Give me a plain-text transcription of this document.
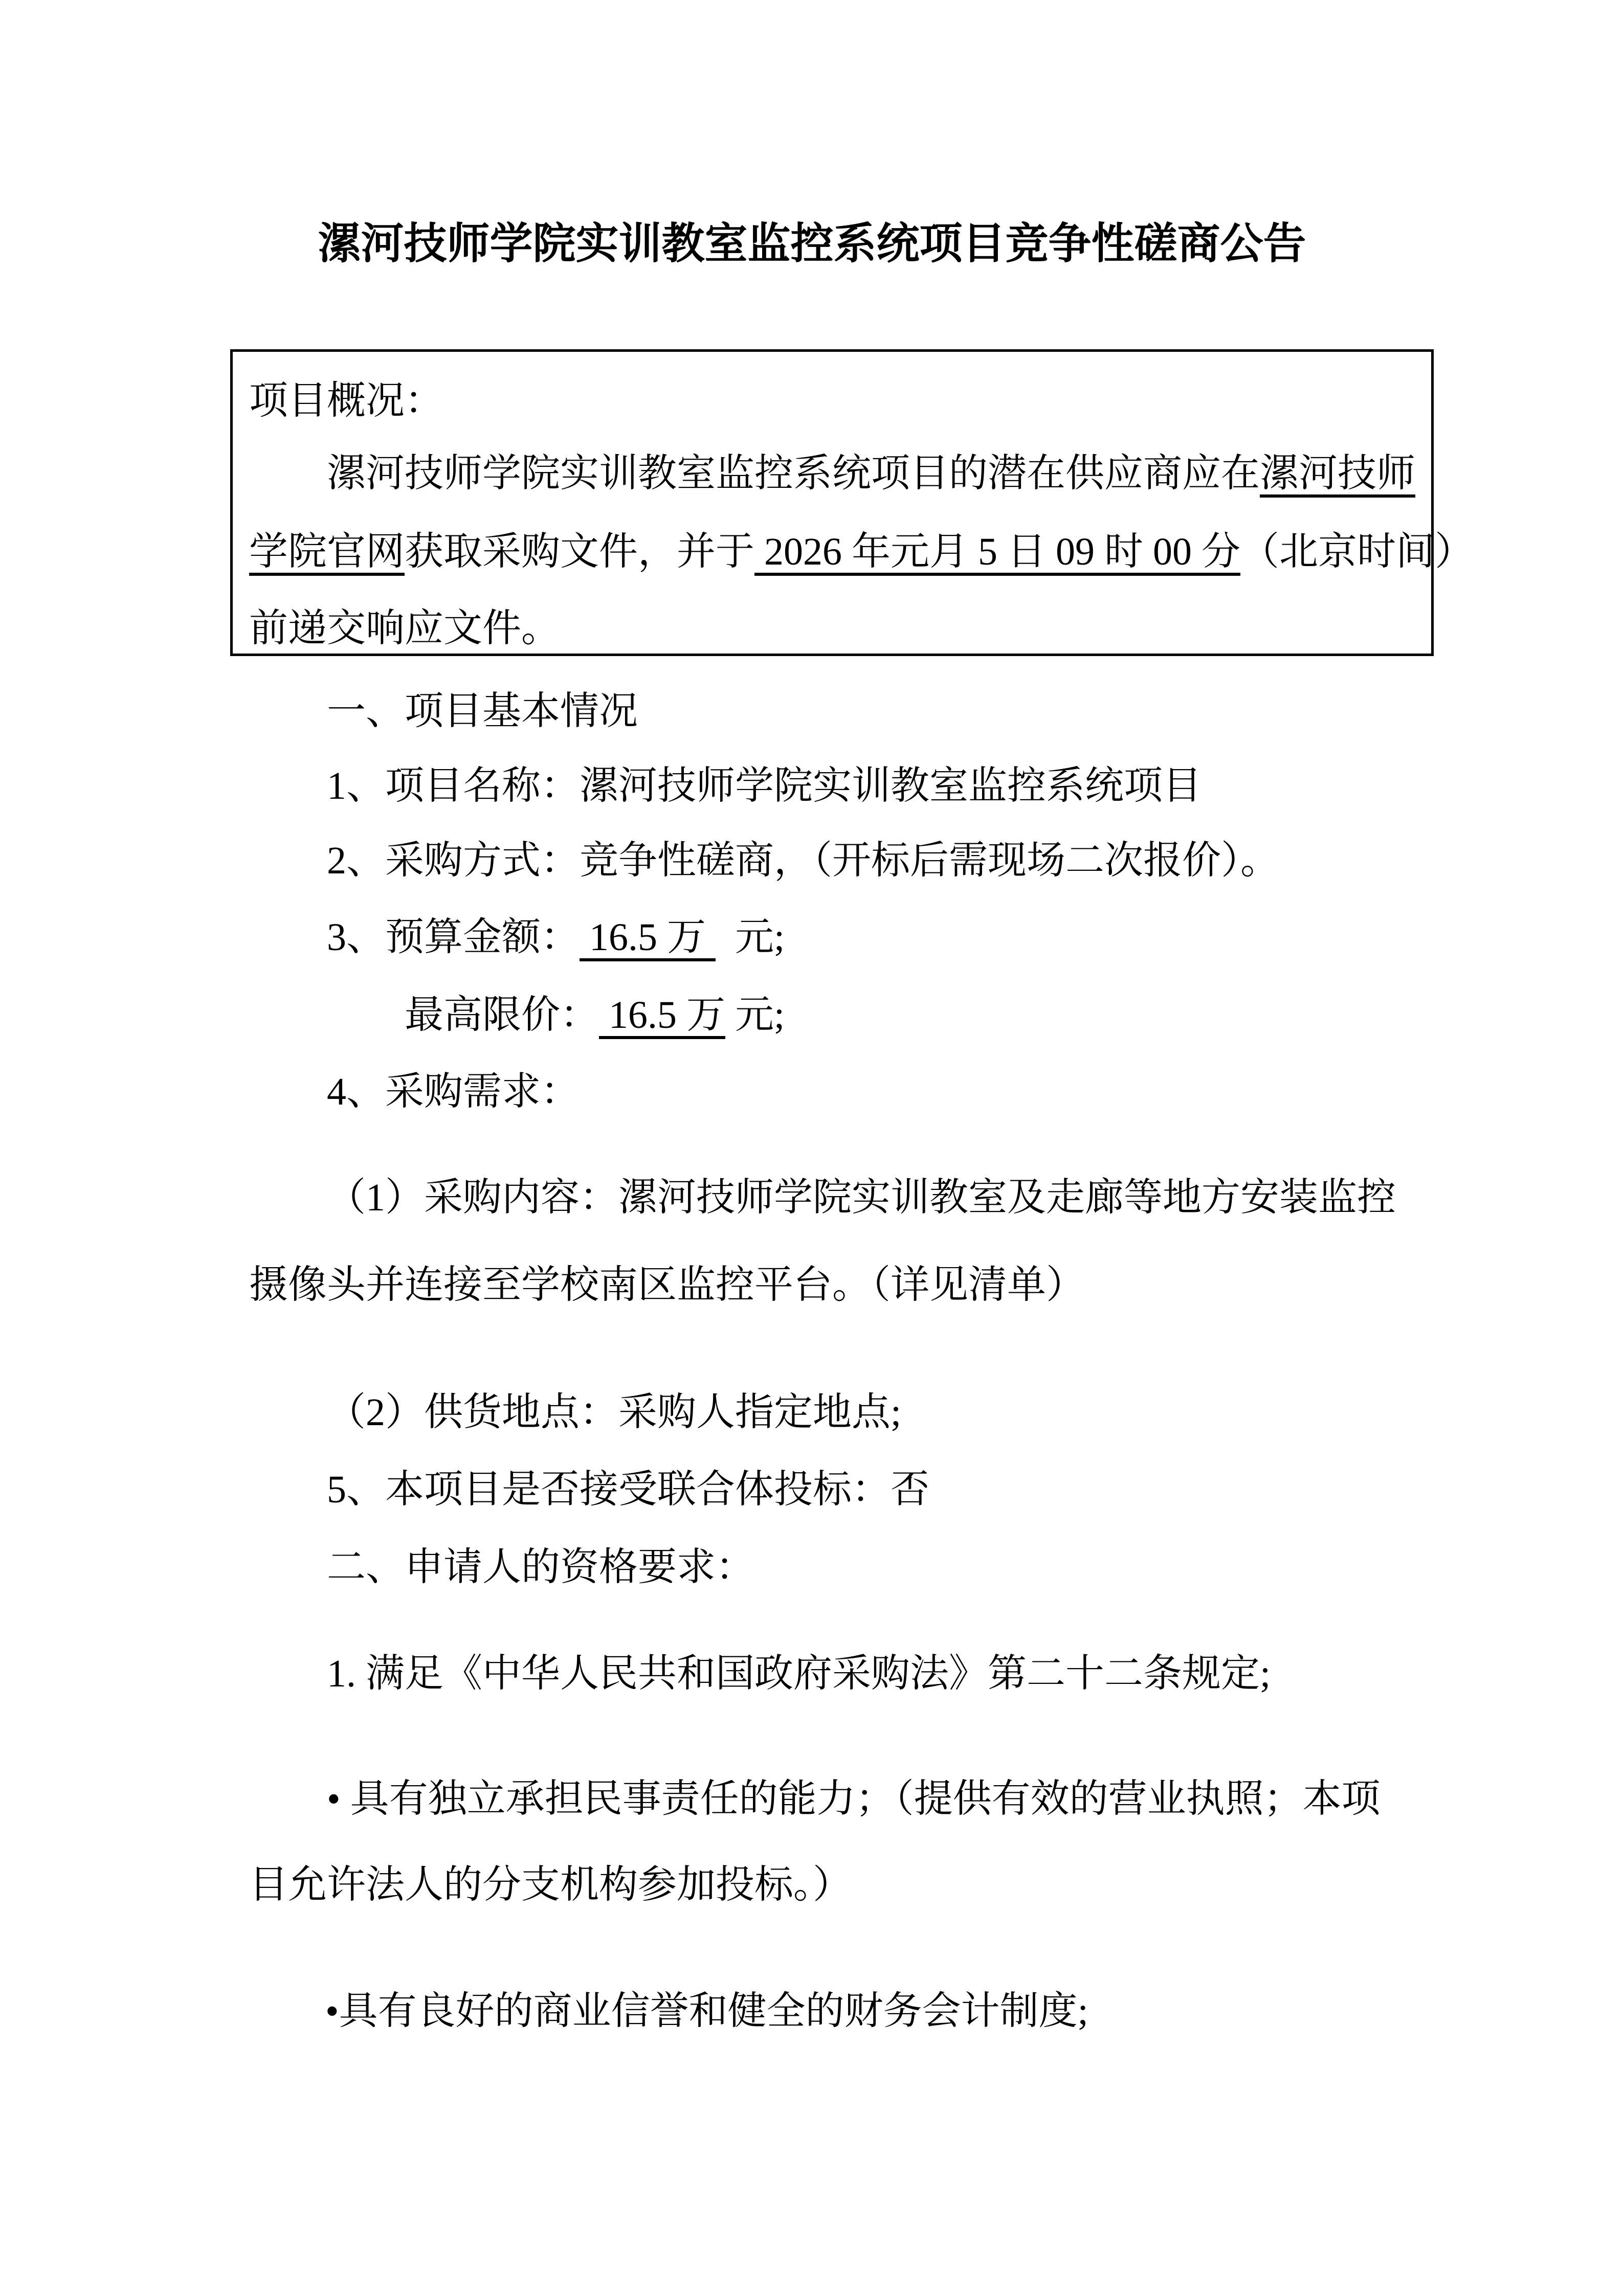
漯河技师学院实训教室监控系统项目竞争性磋商公告
项目概况：
漯河技师学院实训教室监控系统项目的潜在供应商应在漯河技师
学院官网获取采购文件，并于 2026 年元月 5 日 09 时 00 分（北京时间）
前递交响应文件。
一、项目基本情况
1、项目名称：漯河技师学院实训教室监控系统项目
2、采购方式：竞争性磋商，（开标后需现场二次报价）。
3、预算金额： 16.5 万   元;
最高限价： 16.5 万 元;
4、采购需求：
（1）采购内容：漯河技师学院实训教室及走廊等地方安装监控
摄像头并连接至学校南区监控平台。（详见清单）
（2）供货地点：采购人指定地点;
5、本项目是否接受联合体投标：否
二、申请人的资格要求：
1. 满足《中华人民共和国政府采购法》第二十二条规定;
• 具有独立承担民事责任的能力；（提供有效的营业执照；本项
目允许法人的分支机构参加投标。）
•具有良好的商业信誉和健全的财务会计制度;
